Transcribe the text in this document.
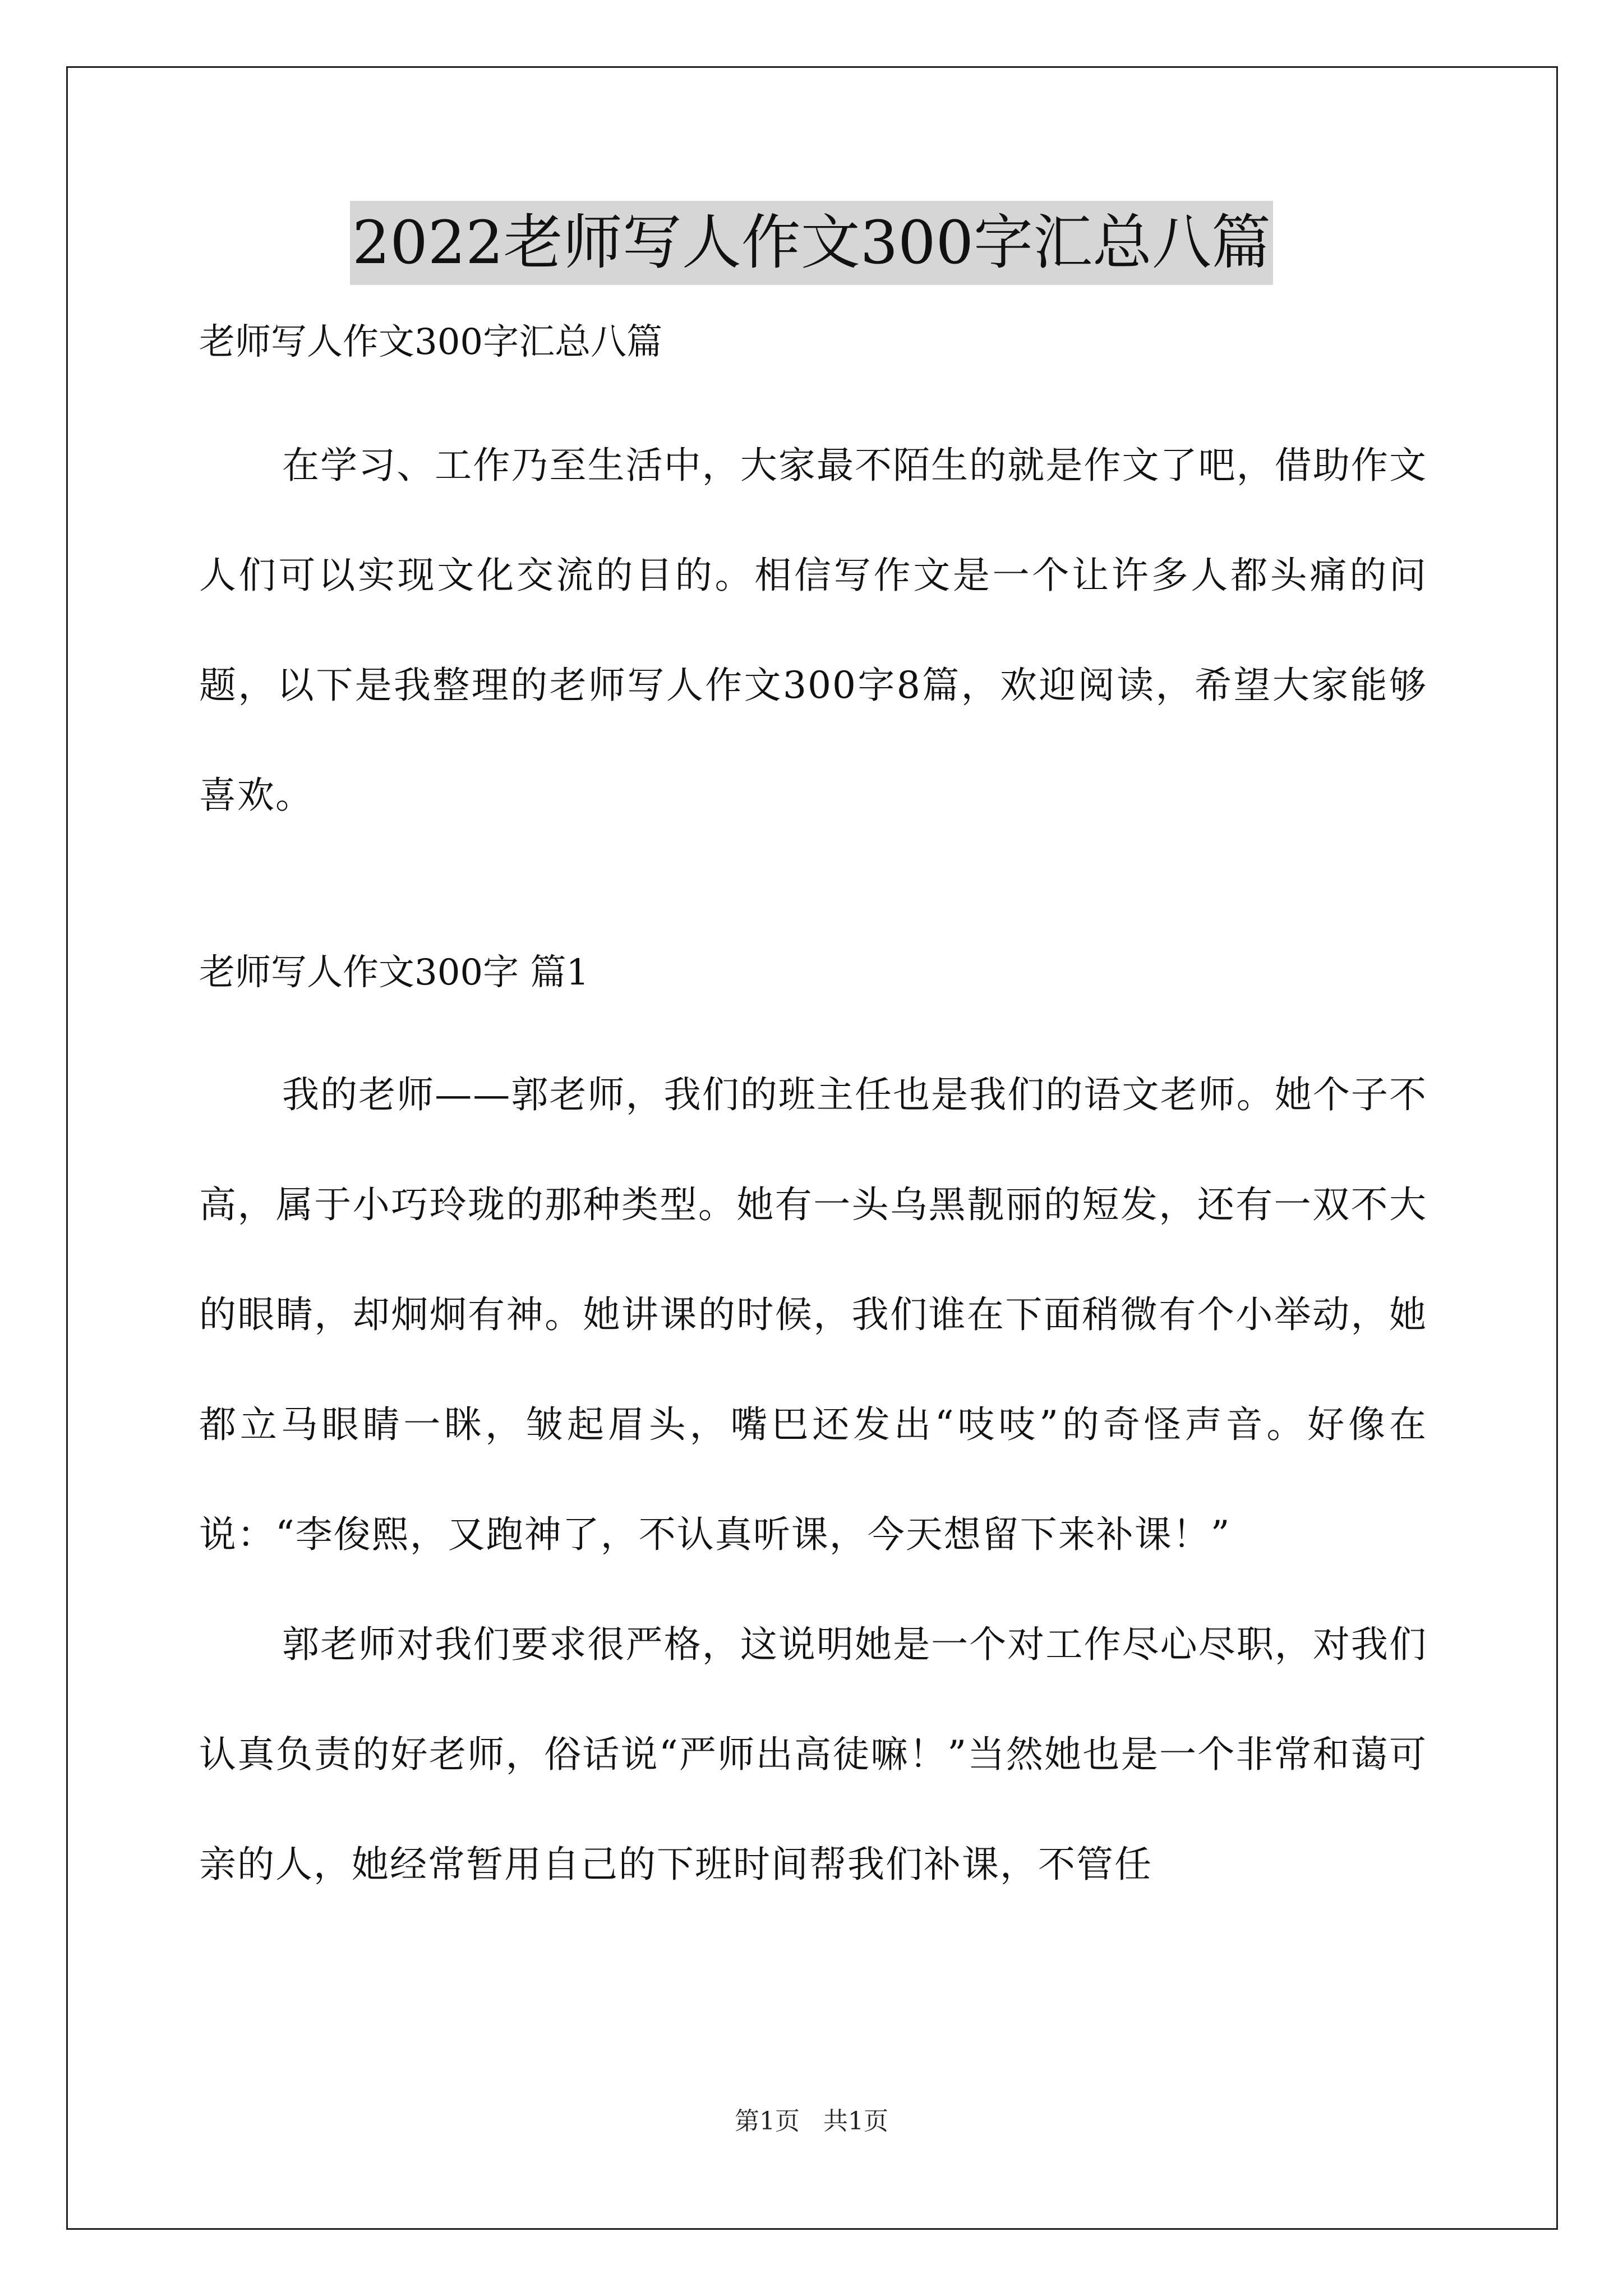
2022老师写人作文300字汇总八篇

老师写人作文300字汇总八篇

在学习、工作乃至生活中，大家最不陌生的就是作文了吧，借助作文人们可以实现文化交流的目的。相信写作文是一个让许多人都头痛的问题，以下是我整理的老师写人作文300字8篇，欢迎阅读，希望大家能够喜欢。

老师写人作文300字 篇1

我的老师——郭老师，我们的班主任也是我们的语文老师。她个子不高，属于小巧玲珑的那种类型。她有一头乌黑靓丽的短发，还有一双不大的眼睛，却炯炯有神。她讲课的时候，我们谁在下面稍微有个小举动，她都立马眼睛一眯，皱起眉头，嘴巴还发出“吱吱”的奇怪声音。好像在说：“李俊熙，又跑神了，不认真听课，今天想留下来补课！”

郭老师对我们要求很严格，这说明她是一个对工作尽心尽职，对我们认真负责的好老师，俗话说“严师出高徒嘛！”当然她也是一个非常和蔼可亲的人，她经常暂用自己的下班时间帮我们补课，不管任

第1页 共1页
